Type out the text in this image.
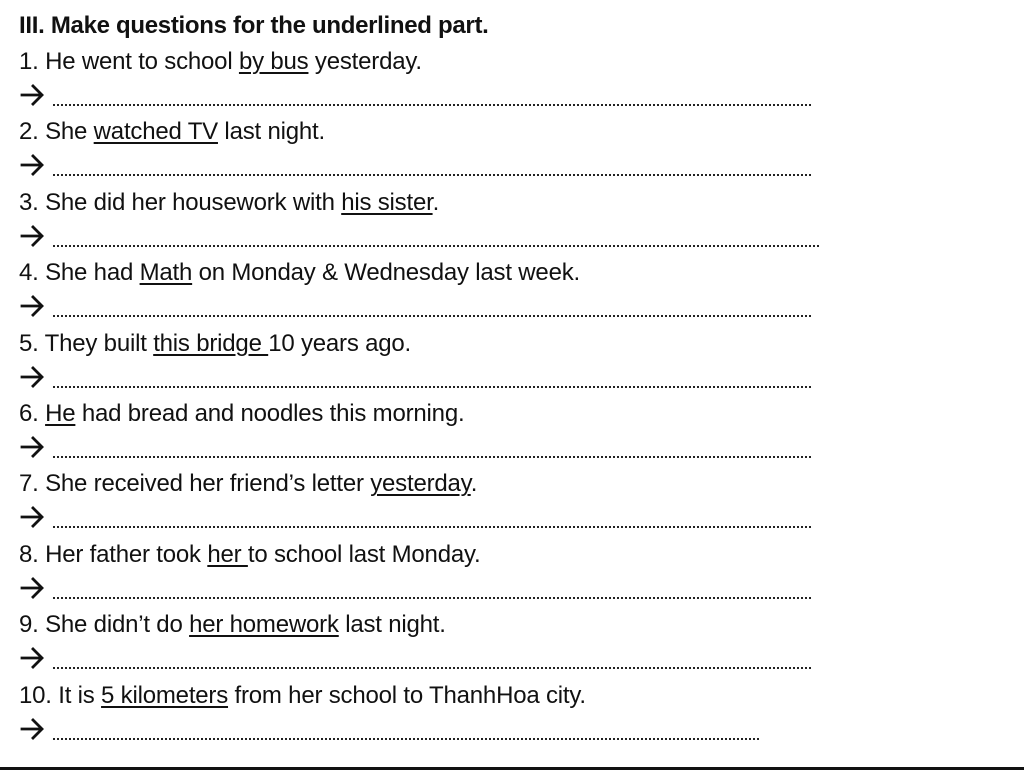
III. Make questions for the underlined part.
1. He went to school by bus yesterday.
2. She watched TV last night.
3. She did her housework with his sister.
4. She had Math on Monday & Wednesday last week.
5. They built this bridge 10 years ago.
6. He had bread and noodles this morning.
7. She received her friend’s letter yesterday.
8. Her father took her to school last Monday.
9. She didn’t do her homework last night.
10. It is 5 kilometers from her school to ThanhHoa city.
